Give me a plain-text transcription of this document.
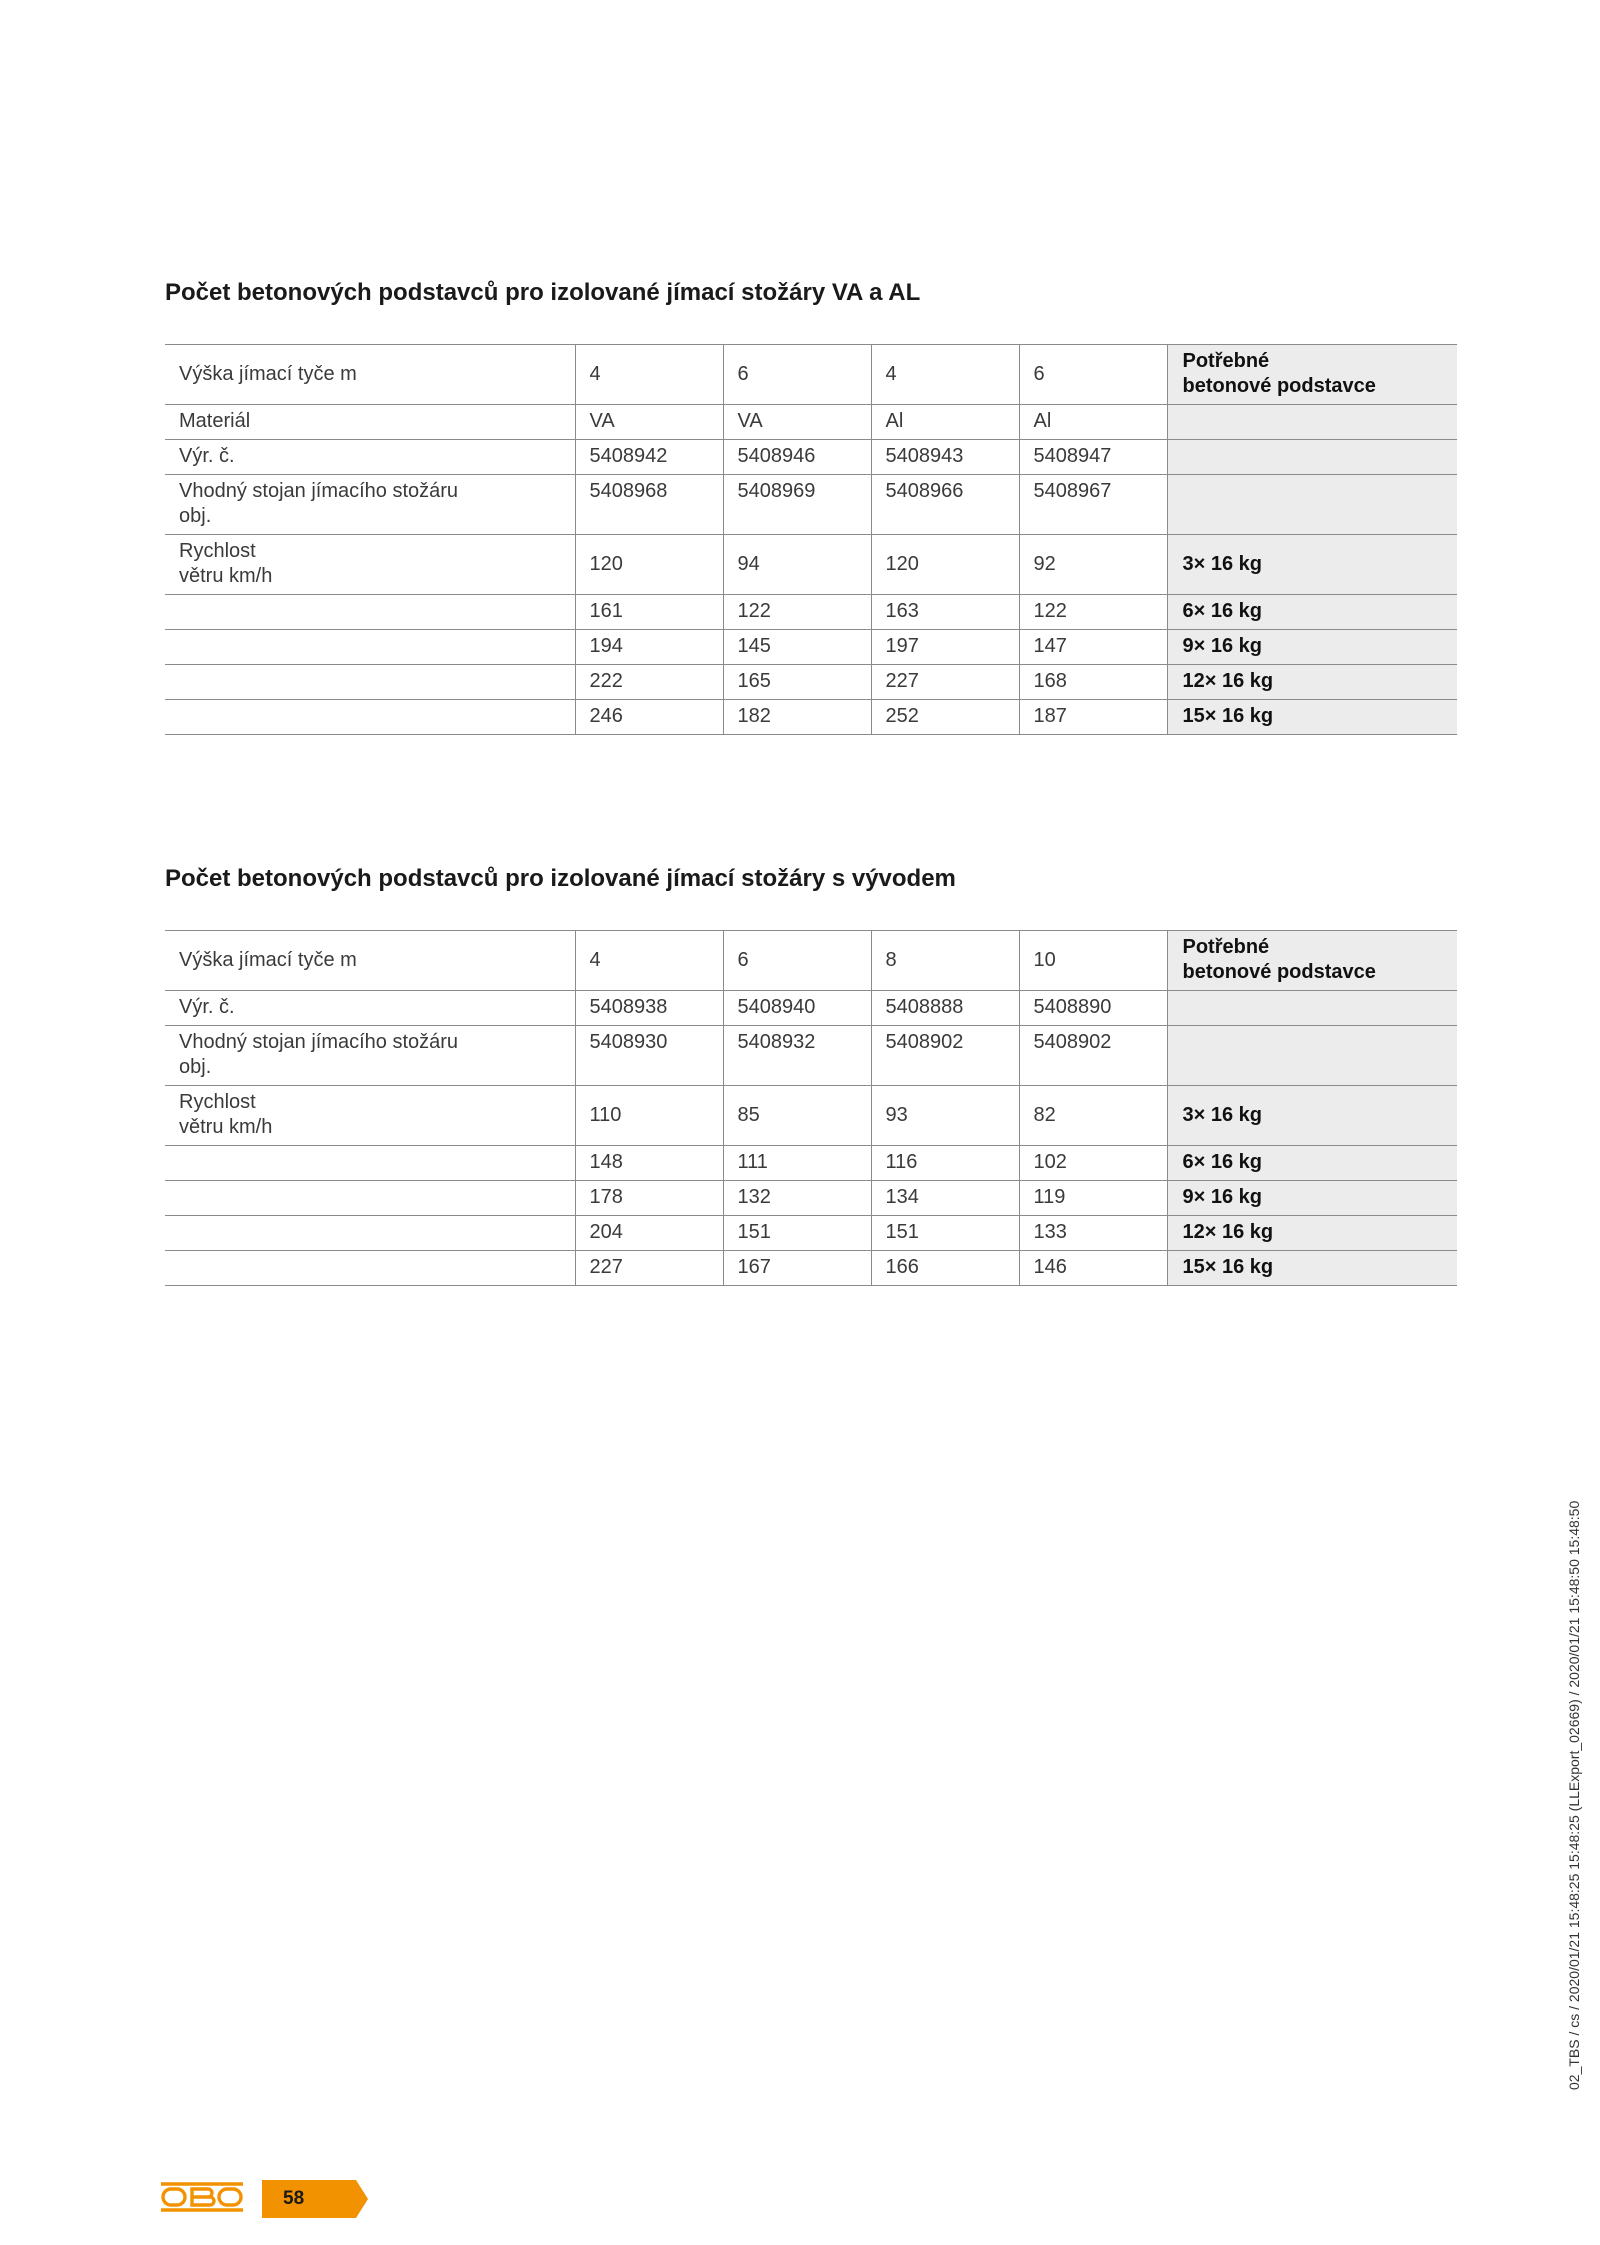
Počet betonových podstavců pro izolované jímací stožáry VA a AL
Výška jímací tyče m	4	6	4	6	Potřebné
betonové podstavce
Materiál	VA	VA	Al	Al	
Výr. č.	5408942	5408946	5408943	5408947	
Vhodný stojan jímacího stožáru
obj.	5408968	5408969	5408966	5408967	
Rychlost
větru km/h	120	94	120	92	3× 16 kg
	161	122	163	122	6× 16 kg
	194	145	197	147	9× 16 kg
	222	165	227	168	12× 16 kg
	246	182	252	187	15× 16 kg
Počet betonových podstavců pro izolované jímací stožáry s vývodem
Výška jímací tyče m	4	6	8	10	Potřebné
betonové podstavce
Výr. č.	5408938	5408940	5408888	5408890	
Vhodný stojan jímacího stožáru
obj.	5408930	5408932	5408902	5408902	
Rychlost
větru km/h	110	85	93	82	3× 16 kg
	148	111	116	102	6× 16 kg
	178	132	134	119	9× 16 kg
	204	151	151	133	12× 16 kg
	227	167	166	146	15× 16 kg
02_TBS / cs / 2020/01/21 15:48:25 15:48:25 (LLExport_02669) / 2020/01/21 15:48:50 15:48:50
58
